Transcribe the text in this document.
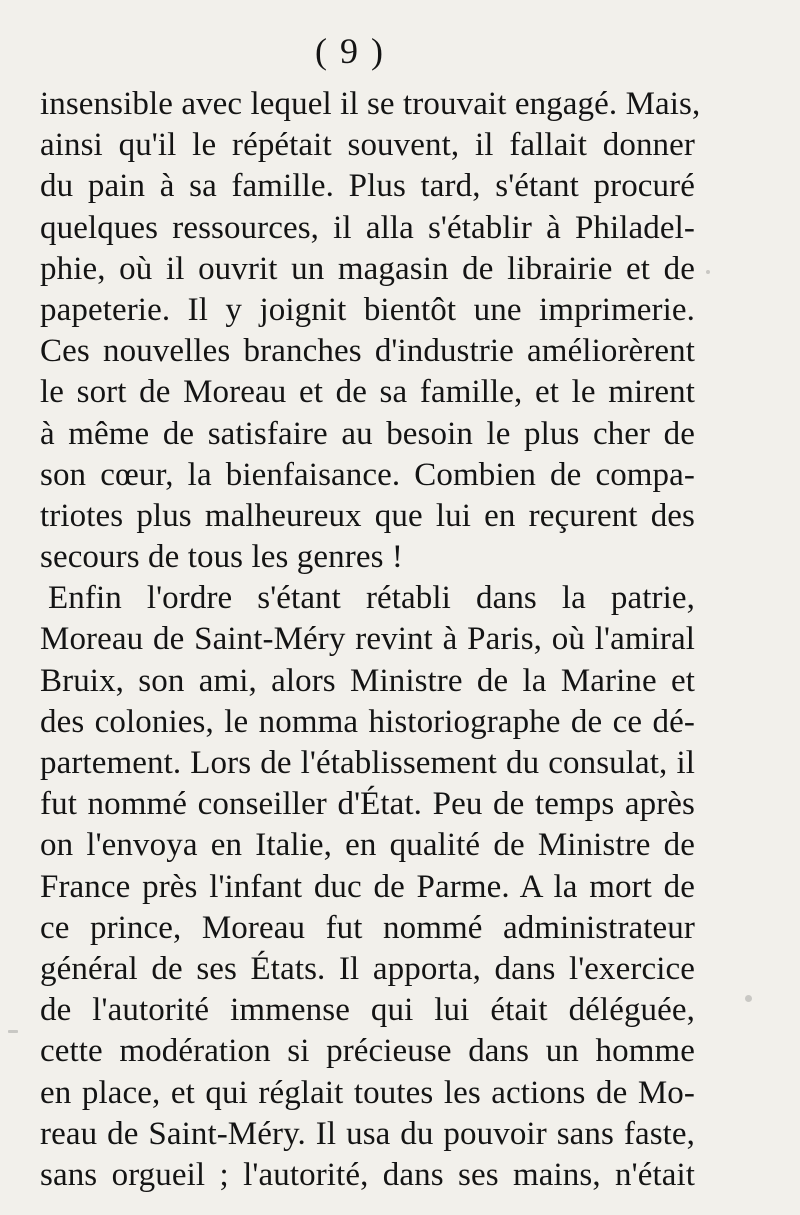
( 9 )
insensible avec lequel il se trouvait engagé. Mais,
ainsi qu'il le répétait souvent, il fallait donner
du pain à sa famille. Plus tard, s'étant procuré
quelques ressources, il alla s'établir à Philadel-
phie, où il ouvrit un magasin de librairie et de
papeterie. Il y joignit bientôt une imprimerie.
Ces nouvelles branches d'industrie améliorèrent
le sort de Moreau et de sa famille, et le mirent
à même de satisfaire au besoin le plus cher de
son cœur, la bienfaisance. Combien de compa-
triotes plus malheureux que lui en reçurent des
secours de tous les genres !
Enfin l'ordre s'étant rétabli dans la patrie,
Moreau de Saint-Méry revint à Paris, où l'amiral
Bruix, son ami, alors Ministre de la Marine et
des colonies, le nomma historiographe de ce dé-
partement. Lors de l'établissement du consulat, il
fut nommé conseiller d'État. Peu de temps après
on l'envoya en Italie, en qualité de Ministre de
France près l'infant duc de Parme. A la mort de
ce prince, Moreau fut nommé administrateur
général de ses États. Il apporta, dans l'exercice
de l'autorité immense qui lui était déléguée,
cette modération si précieuse dans un homme
en place, et qui réglait toutes les actions de Mo-
reau de Saint-Méry. Il usa du pouvoir sans faste,
sans orgueil ; l'autorité, dans ses mains, n'était
